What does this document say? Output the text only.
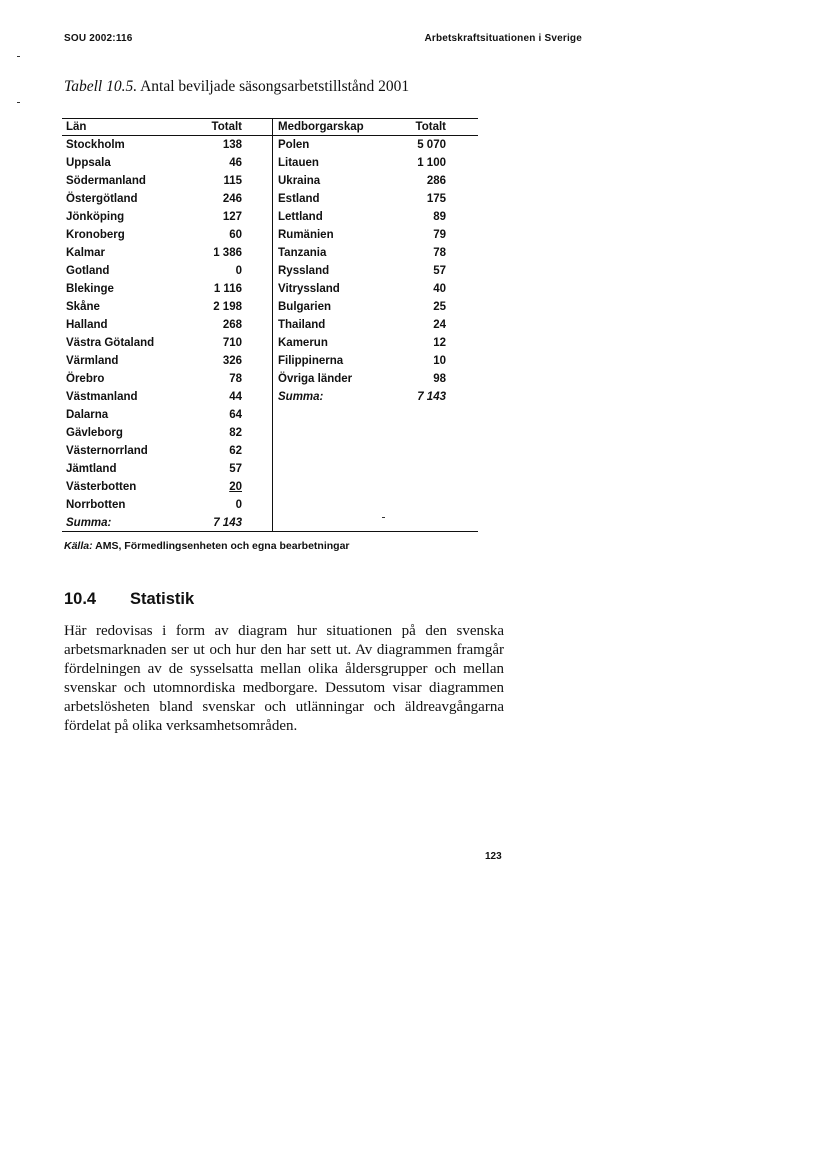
SOU 2002:116	Arbetskraftsituationen i Sverige
Tabell 10.5. Antal beviljade säsongsarbetstillstånd 2001
Län
Stockholm
Uppsala
Södermanland
Östergötland
Jönköping
Kronoberg
Kalmar
Gotland
Blekinge
Skåne
Halland
Västra Götaland
Värmland
Örebro
Västmanland
Dalarna
Gävleborg
Västernorrland
Jämtland
Västerbotten
Norrbotten
Summa:
Totalt
138
46
115
246
127
60
1 386
0
1 116
2 198
268
710
326
78
44
64
82
62
57
20
0
7 143
Medborgarskap
Polen
Litauen
Ukraina
Estland
Lettland
Rumänien
Tanzania
Ryssland
Vitryssland
Bulgarien
Thailand
Kamerun
Filippinerna
Övriga länder
Summa:
Totalt
5 070
1 100
286
175
89
79
78
57
40
25
24
12
10
98
7 143
Källa: AMS, Förmedlingsenheten och egna bearbetningar
10.4 Statistik
Här redovisas i form av diagram hur situationen på den svenska arbetsmarknaden ser ut och hur den har sett ut. Av diagrammen framgår fördelningen av de sysselsatta mellan olika åldersgrupper och mellan svenskar och utomnordiska medborgare. Dessutom visar diagrammen arbetslösheten bland svenskar och utlänningar och äldreavgångarna fördelat på olika verksamhetsområden.
123
